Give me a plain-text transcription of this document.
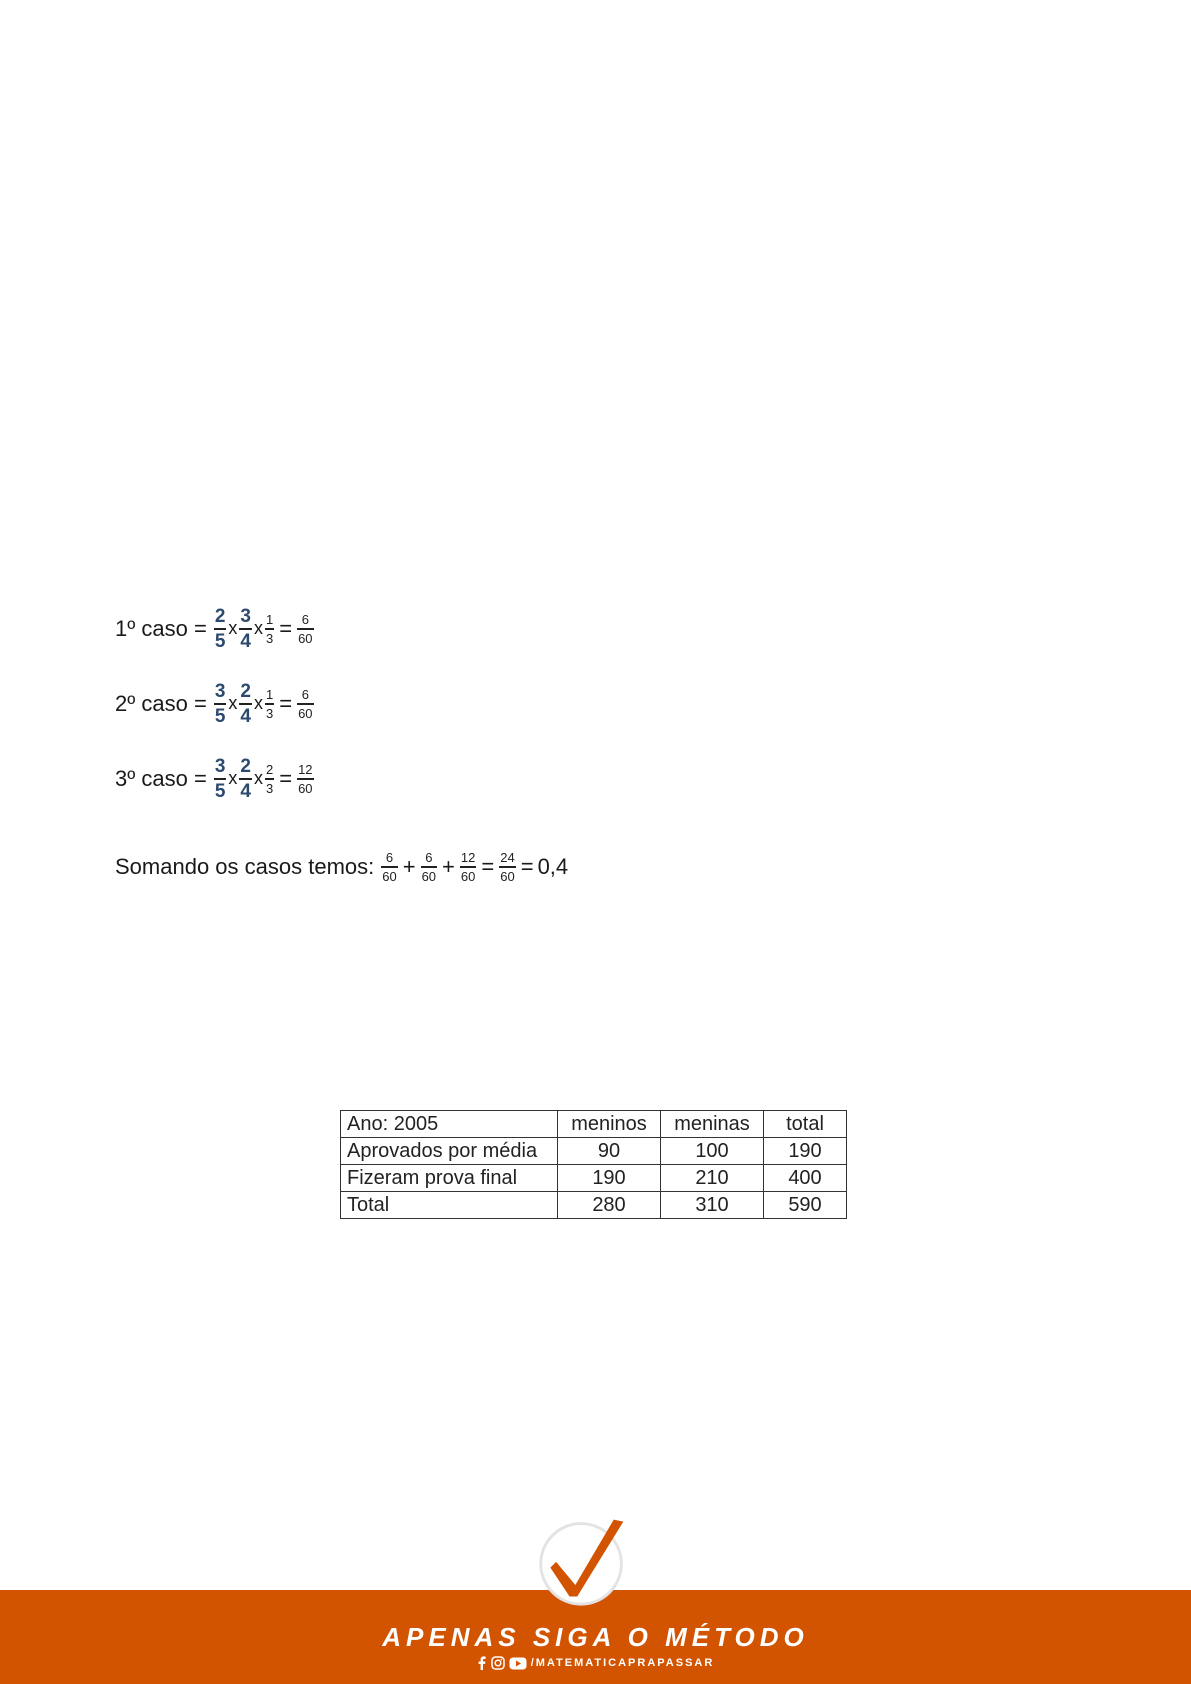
1º caso = $\frac{2}{5}$ x $\frac{3}{4}$ x $\frac{1}{3} = \frac{6}{60}$
2º caso = $\frac{3}{5}$ x $\frac{2}{4}$ x $\frac{1}{3} = \frac{6}{60}$
3º caso = $\frac{3}{5}$ x $\frac{2}{4}$ x $\frac{2}{3} = \frac{12}{60}$
Somando os casos temos: $\frac{6}{60} + \frac{6}{60} + \frac{12}{60} = \frac{24}{60} = 0,4$
Ano: 2005	meninos	meninas	total
Aprovados por média	90	100	190
Fizeram prova final	190	210	400
Total	280	310	590
APENAS SIGA O MÉTODO
/MATEMATICAPRAPASSAR
